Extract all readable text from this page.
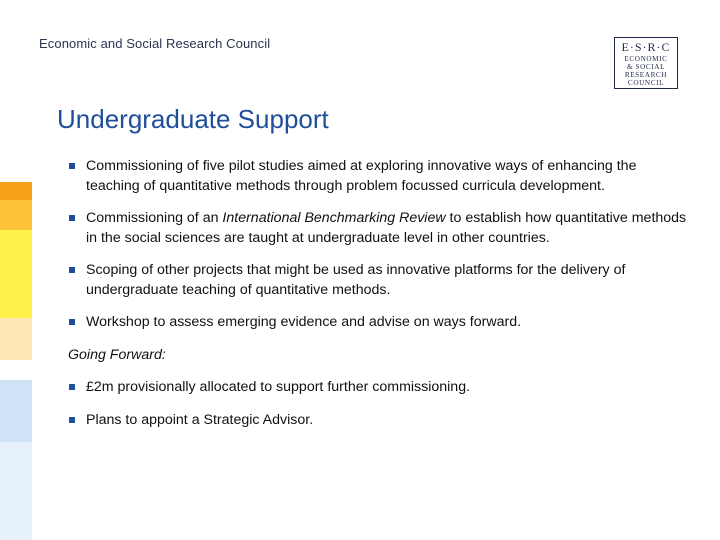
Economic and Social Research Council	E·S·R·C
ECONOMIC
& SOCIAL
RESEARCH
COUNCIL
Undergraduate Support
Commissioning of five pilot studies aimed at exploring innovative ways of enhancing the teaching of quantitative methods through problem focussed curricula development.
Commissioning of an International Benchmarking Review to establish how quantitative methods in the social sciences are taught at undergraduate level in other countries.
Scoping of other projects that might be used as innovative platforms for the delivery of undergraduate teaching of quantitative methods.
Workshop to assess emerging evidence and advise on ways forward.
Going Forward:
£2m provisionally allocated to support further commissioning.
Plans to appoint a Strategic Advisor.
